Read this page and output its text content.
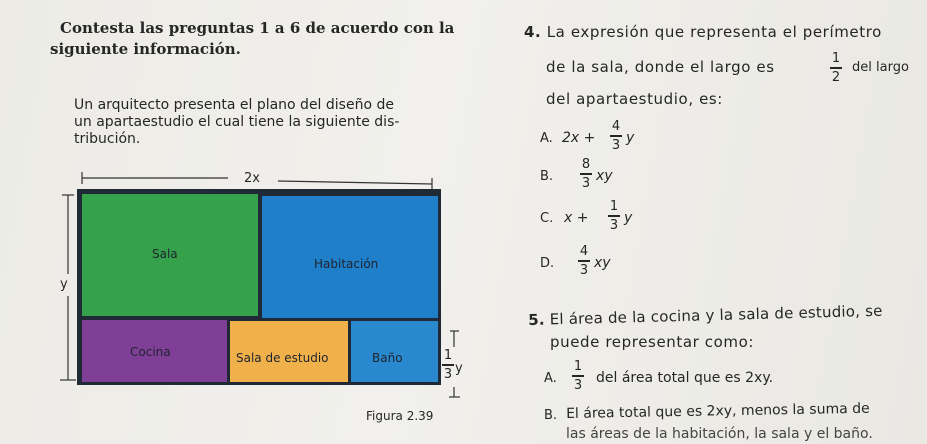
Contesta las preguntas 1 a 6 de acuerdo con la
siguiente información.
Un arquitecto presenta el plano del diseño de
un apartaestudio el cual tiene la siguiente dis-
tribución.
2x
y
Sala
Habitación
Cocina	Sala de estudio	Baño	1
3 y
Figura 2.39
4. La expresión que representa el perímetro
de la sala, donde el largo es	1
2
del largo
del apartaestudio, es:
A. 2x +
4
3 y
B.
8
3 xy
C. x +
1
3 y
D.
4
3 xy
5. El área de la cocina y la sala de estudio, se
puede representar como:
A.
1
3 del área total que es 2xy.
B. El área total que es 2xy, menos la suma de
las áreas de la habitación, la sala y el baño.
